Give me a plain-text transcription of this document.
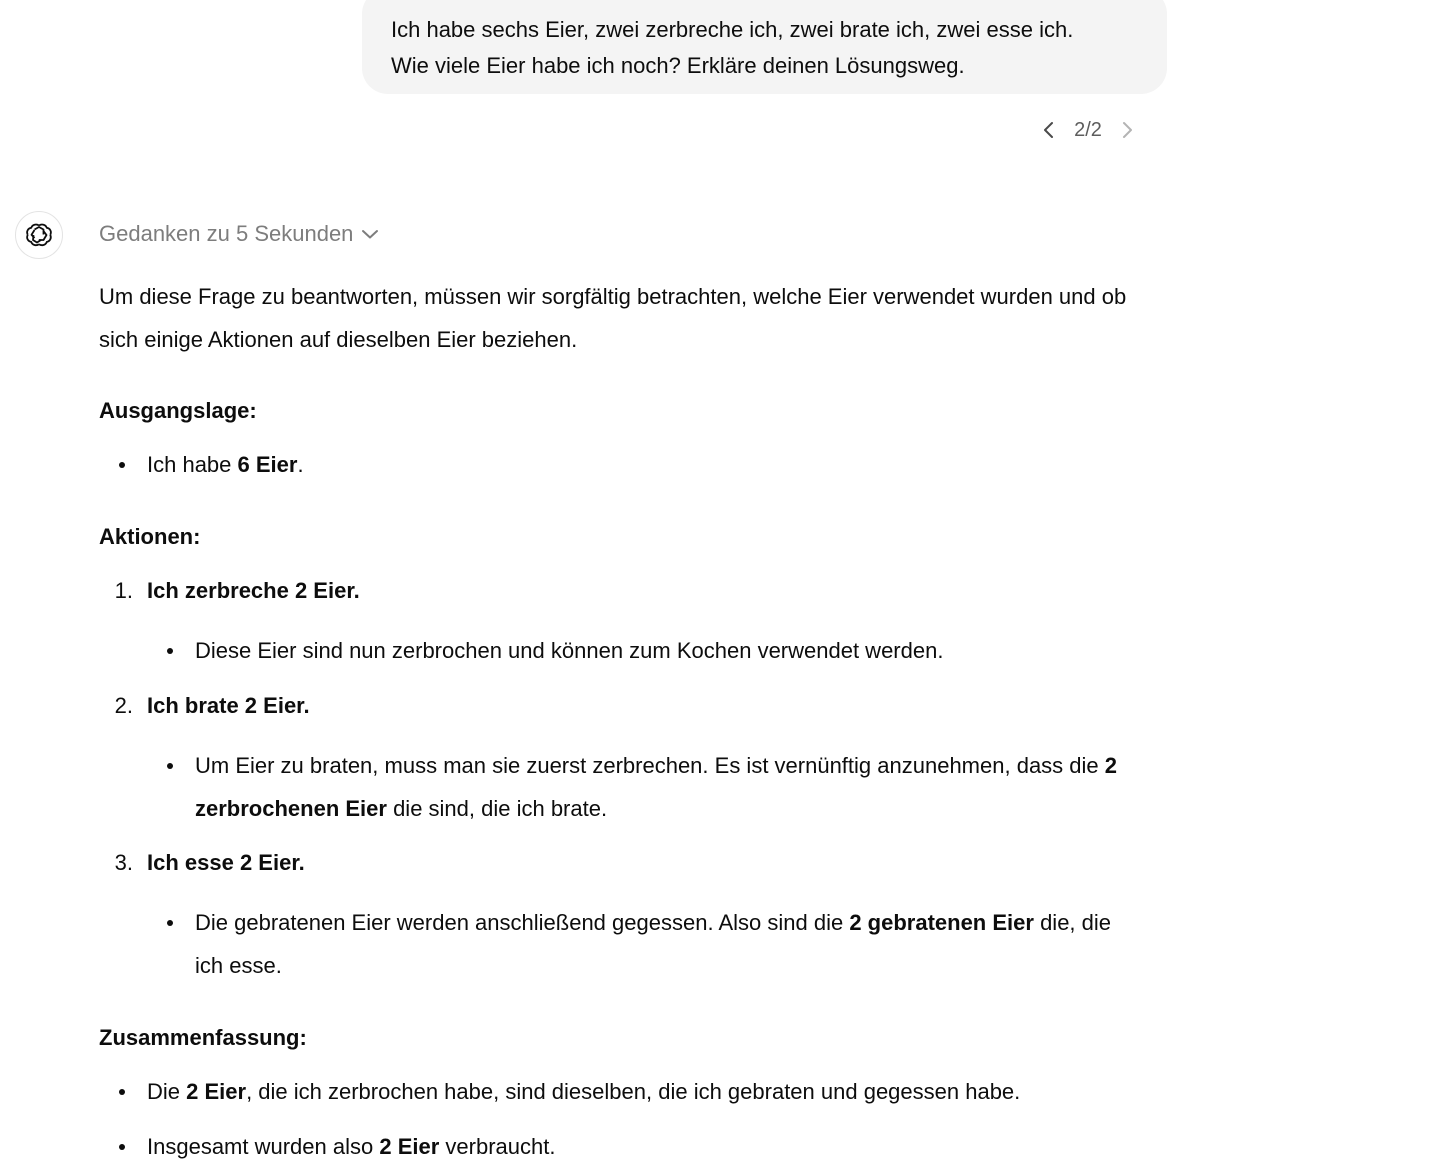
Ich habe sechs Eier, zwei zerbreche ich, zwei brate ich, zwei esse ich.

Wie viele Eier habe ich noch? Erkläre deinen Lösungsweg.

2/2
Gedanken zu 5 Sekunden

Um diese Frage zu beantworten, müssen wir sorgfältig betrachten, welche Eier verwendet wurden und ob sich einige Aktionen auf dieselben Eier beziehen.

Ausgangslage:

Ich habe 6 Eier.

Aktionen:

1. Ich zerbreche 2 Eier.
Diese Eier sind nun zerbrochen und können zum Kochen verwendet werden.
2. Ich brate 2 Eier.
Um Eier zu braten, muss man sie zuerst zerbrechen. Es ist vernünftig anzunehmen, dass die 2 zerbrochenen Eier die sind, die ich brate.
3. Ich esse 2 Eier.
Die gebratenen Eier werden anschließend gegessen. Also sind die 2 gebratenen Eier die, die ich esse.

Zusammenfassung:

Die 2 Eier, die ich zerbrochen habe, sind dieselben, die ich gebraten und gegessen habe.
Insgesamt wurden also 2 Eier verbraucht.
